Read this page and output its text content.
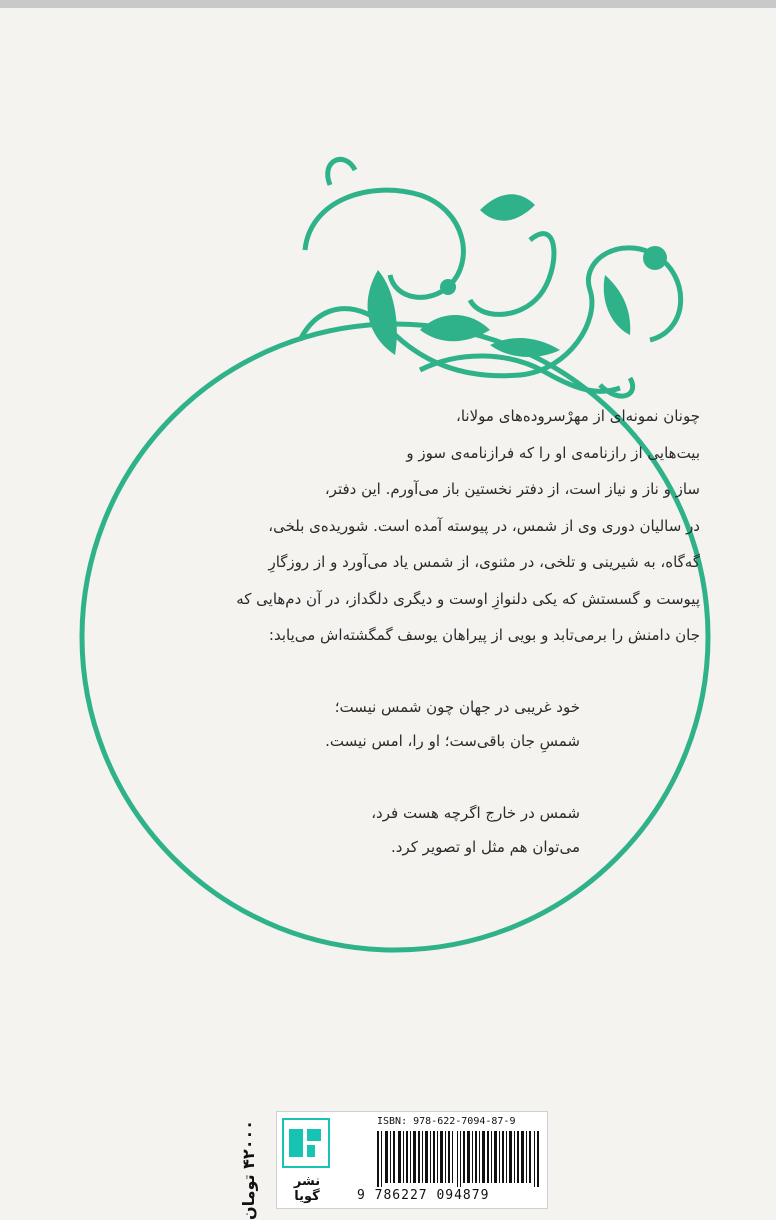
چونان نمونه‌ای از مهرْسروده‌های مولانا،

بیت‌هایی از رازنامه‌ی او را که فرازنامه‌ی سوز و

ساز و ناز و نیاز است، از دفتر نخستین باز می‌آورم. این دفتر،

در سالیان دوری وی از شمس، در پیوسته آمده است. شوریده‌ی بلخی،

گه‌گاه، به شیرینی و تلخی، در مثنوی، از شمس یاد می‌آورد و از روزگارِ

پیوست و گسستش که یکی دلنوازِ اوست و دیگری دلگداز، در آن دم‌هایی که

جان دامنش را برمی‌تابد و بویی از پیراهان یوسف گمگشته‌اش می‌یابد:

خود غریبی در جهان چون شمس نیست؛

شمسِ جان باقی‌ست؛ او را، امس نیست.

شمس در خارج اگرچه هست فرد،

می‌توان هم مثل او تصویر کرد.

۴۲۰۰۰ تومان
نشر گویا
ISBN: 978-622-7094-87-9
9 786227 094879
